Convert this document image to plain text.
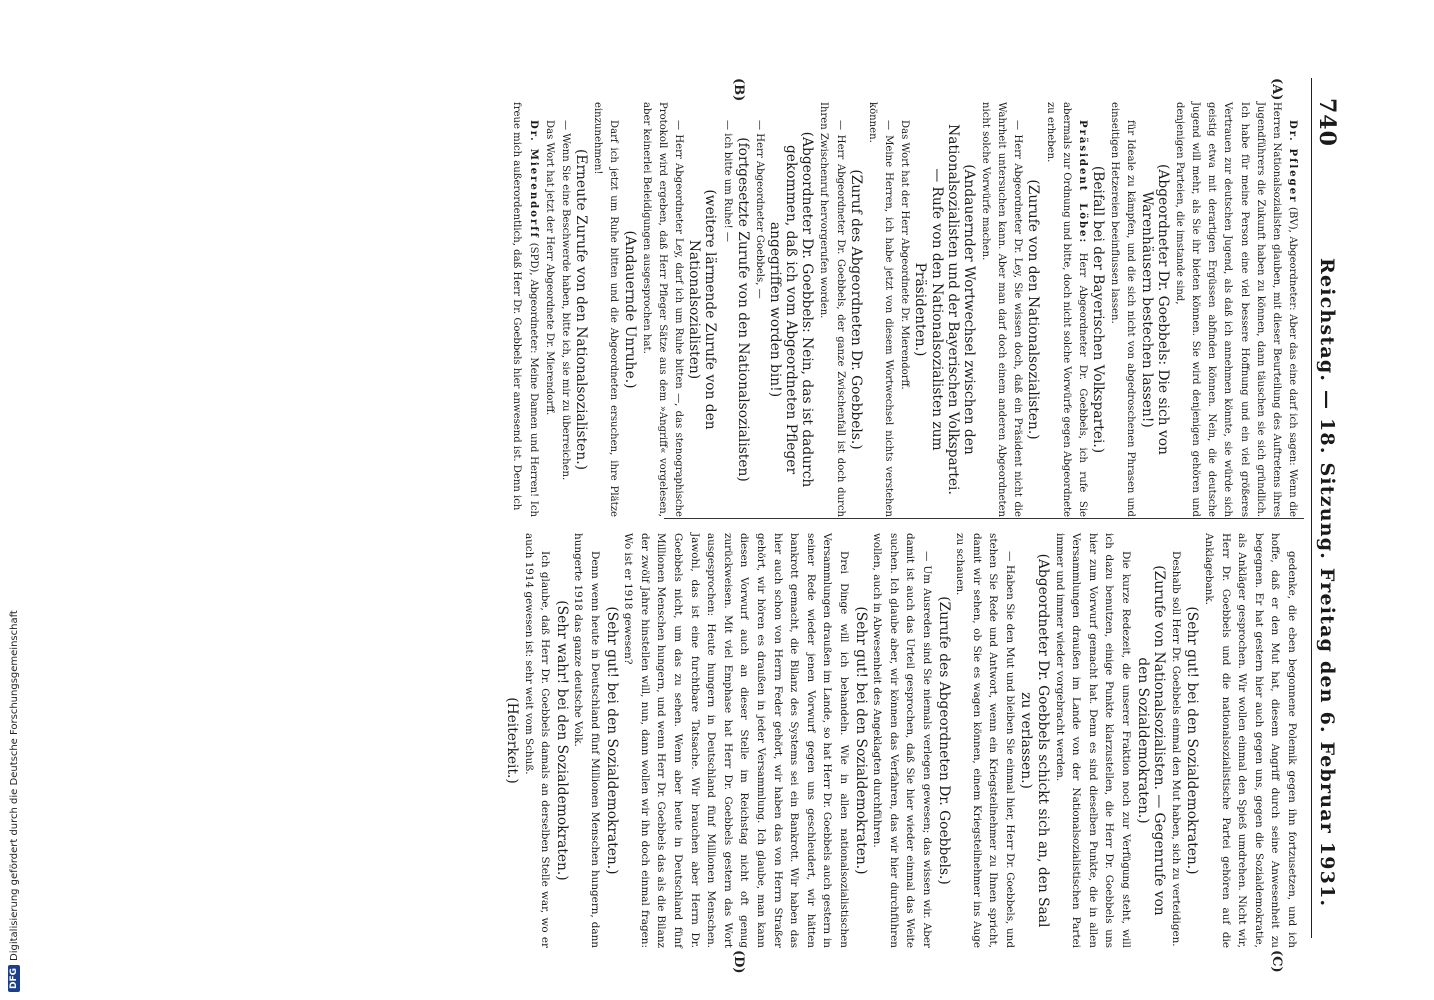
740
Reichstag. — 18. Sitzung. Freitag den 6. Februar 1931.
(A)
(B)
(C)
(D)

Dr. Pfleger (BV), Abgeordneter: Aber das eine darf ich sagen: Wenn die Herren Nationalsozialisten glauben, mit dieser Beurteilung des Auftretens ihres Jugendführers die Zukunft haben zu können, dann täuschen sie sich gründlich. Ich habe für meine Person eine viel bessere Hoffnung und ein viel größeres Vertrauen zur deutschen Jugend, als daß ich annehmen könnte, sie würde sich geistig etwa mit derartigen Ergüssen abfinden können. Nein, die deutsche Jugend will mehr, als Sie ihr bieten können. Sie wird denjenigen gehören und denjenigen Parteien, die imstande sind,

(Abgeordneter Dr. Goebbels: Die sich von Warenhäusern bestechen lassen!)

für Ideale zu kämpfen, und die sich nicht von abgedroschenen Phrasen und einseitigen Hetzereien beeinflussen lassen.

(Beifall bei der Bayerischen Volkspartei.)

Präsident Löbe: Herr Abgeordneter Dr. Goebbels, ich rufe Sie abermals zur Ordnung und bitte, doch nicht solche Vorwürfe gegen Abgeordnete zu erheben.

(Zurufe von den Nationalsozialisten.)

— Herr Abgeordneter Dr. Ley, Sie wissen doch, daß ein Präsident nicht die Wahrheit untersuchen kann. Aber man darf doch einem anderen Abgeordneten nicht solche Vorwürfe machen.

(Andauernder Wortwechsel zwischen den Nationalsozialisten und der Bayerischen Volkspartei. — Rufe von den Nationalsozialisten zum Präsidenten.)

Das Wort hat der Herr Abgeordnete Dr. Mierendorff.

— Meine Herren, ich habe jetzt von diesem Wortwechsel nichts verstehen können.

(Zuruf des Abgeordneten Dr. Goebbels.)

— Herr Abgeordneter Dr. Goebbels, der ganze Zwischenfall ist doch durch Ihren Zwischenruf hervorgerufen worden.

(Abgeordneter Dr. Goebbels: Nein, das ist dadurch gekommen, daß ich vom Abgeordneten Pfleger angegriffen worden bin!)

— Herr Abgeordneter Goebbels, —

(fortgesetzte Zurufe von den Nationalsozialisten)

— ich bitte um Ruhe! —

(weitere lärmende Zurufe von den Nationalsozialisten)

— Herr Abgeordneter Ley, darf ich um Ruhe bitten —, das stenographische Protokoll wird ergeben, daß Herr Pfleger Sätze aus dem »Angriff« vorgelesen, aber keinerlei Beleidigungen ausgesprochen hat.

(Andauernde Unruhe.)

Darf ich jetzt um Ruhe bitten und die Abgeordneten ersuchen, ihre Plätze einzunehmen!

(Erneute Zurufe von den Nationalsozialisten.)

— Wenn Sie eine Beschwerde haben, bitte ich, sie mir zu überreichen.

Das Wort hat jetzt der Herr Abgeordnete Dr. Mierendorff.

Dr. Mierendorff (SPD), Abgeordneter: Meine Damen und Herren! Ich freue mich außerordentlich, daß Herr Dr. Goebbels hier anwesend ist. Denn ich

gedenke, die eben begonnene Polemik gegen ihn fortzusetzen, und ich hoffe, daß er den Mut hat, diesem Angriff durch seine Anwesenheit zu begegnen. Er hat gestern hier auch gegen uns, gegen die Sozialdemokratie, als Ankläger gesprochen. Wir wollen einmal den Spieß umdrehen. Nicht wir, Herr Dr. Goebbels und die nationalsozialistische Partei gehören auf die Anklagebank.

(Sehr gut! bei den Sozialdemokraten.)

Deshalb soll Herr Dr. Goebbels einmal den Mut haben, sich zu verteidigen.

(Zurufe von Nationalsozialisten. — Gegenrufe von den Sozialdemokraten.)

Die kurze Redezeit, die unserer Fraktion noch zur Verfügung steht, will ich dazu benutzen, einige Punkte klarzustellen, die Herr Dr. Goebbels uns hier zum Vorwurf gemacht hat. Denn es sind dieselben Punkte, die in allen Versammlungen draußen im Lande von der Nationalsozialistischen Partei immer und immer wieder vorgebracht werden.

(Abgeordneter Dr. Goebbels schickt sich an, den Saal zu verlassen.)

— Haben Sie den Mut und bleiben Sie einmal hier, Herr Dr. Goebbels, und stehen Sie Rede und Antwort, wenn ein Kriegsteilnehmer zu Ihnen spricht, damit wir sehen, ob Sie es wagen können, einem Kriegsteilnehmer ins Auge zu schauen.

(Zurufe des Abgeordneten Dr. Goebbels.)

— Um Ausreden sind Sie niemals verlegen gewesen; das wissen wir. Aber damit ist auch das Urteil gesprochen, daß Sie hier wieder einmal das Weite suchen. Ich glaube aber, wir können das Verfahren, das wir hier durchführen wollen, auch in Abwesenheit des Angeklagten durchführen.

(Sehr gut! bei den Sozialdemokraten.)

Drei Dinge will ich behandeln. Wie in allen nationalsozialistischen Versammlungen draußen im Lande, so hat Herr Dr. Goebbels auch gestern in seiner Rede wieder jenen Vorwurf gegen uns geschleudert, wir hätten bankrott gemacht, die Bilanz des Systems sei ein Bankrott. Wir haben das hier auch schon von Herrn Feder gehört, wir haben das von Herrn Straßer gehört, wir hören es draußen in jeder Versammlung. Ich glaube, man kann diesen Vorwurf auch an dieser Stelle im Reichstag nicht oft genug zurückweisen. Mit viel Emphase hat Herr Dr. Goebbels gestern das Wort ausgesprochen: Heute hungern in Deutschland fünf Millionen Menschen. Jawohl, das ist eine furchtbare Tatsache. Wir brauchen aber Herrn Dr. Goebbels nicht, um das zu sehen. Wenn aber heute in Deutschland fünf Millionen Menschen hungern, und wenn Herr Dr. Goebbels das als die Bilanz der zwölf Jahre hinstellen will, nun, dann wollen wir ihn doch einmal fragen: Wo ist er 1918 gewesen?

(Sehr gut! bei den Sozialdemokraten.)

Denn wenn heute in Deutschland fünf Millionen Menschen hungern, dann hungerte 1918 das ganze deutsche Volk.

(Sehr wahr! bei den Sozialdemokraten.)

Ich glaube, daß Herr Dr. Goebbels damals an derselben Stelle war, wo er auch 1914 gewesen ist: sehr weit vom Schuß.

(Heiterkeit.)

DFG
Digitalisierung gefördert durch die Deutsche Forschungsgemeinschaft
